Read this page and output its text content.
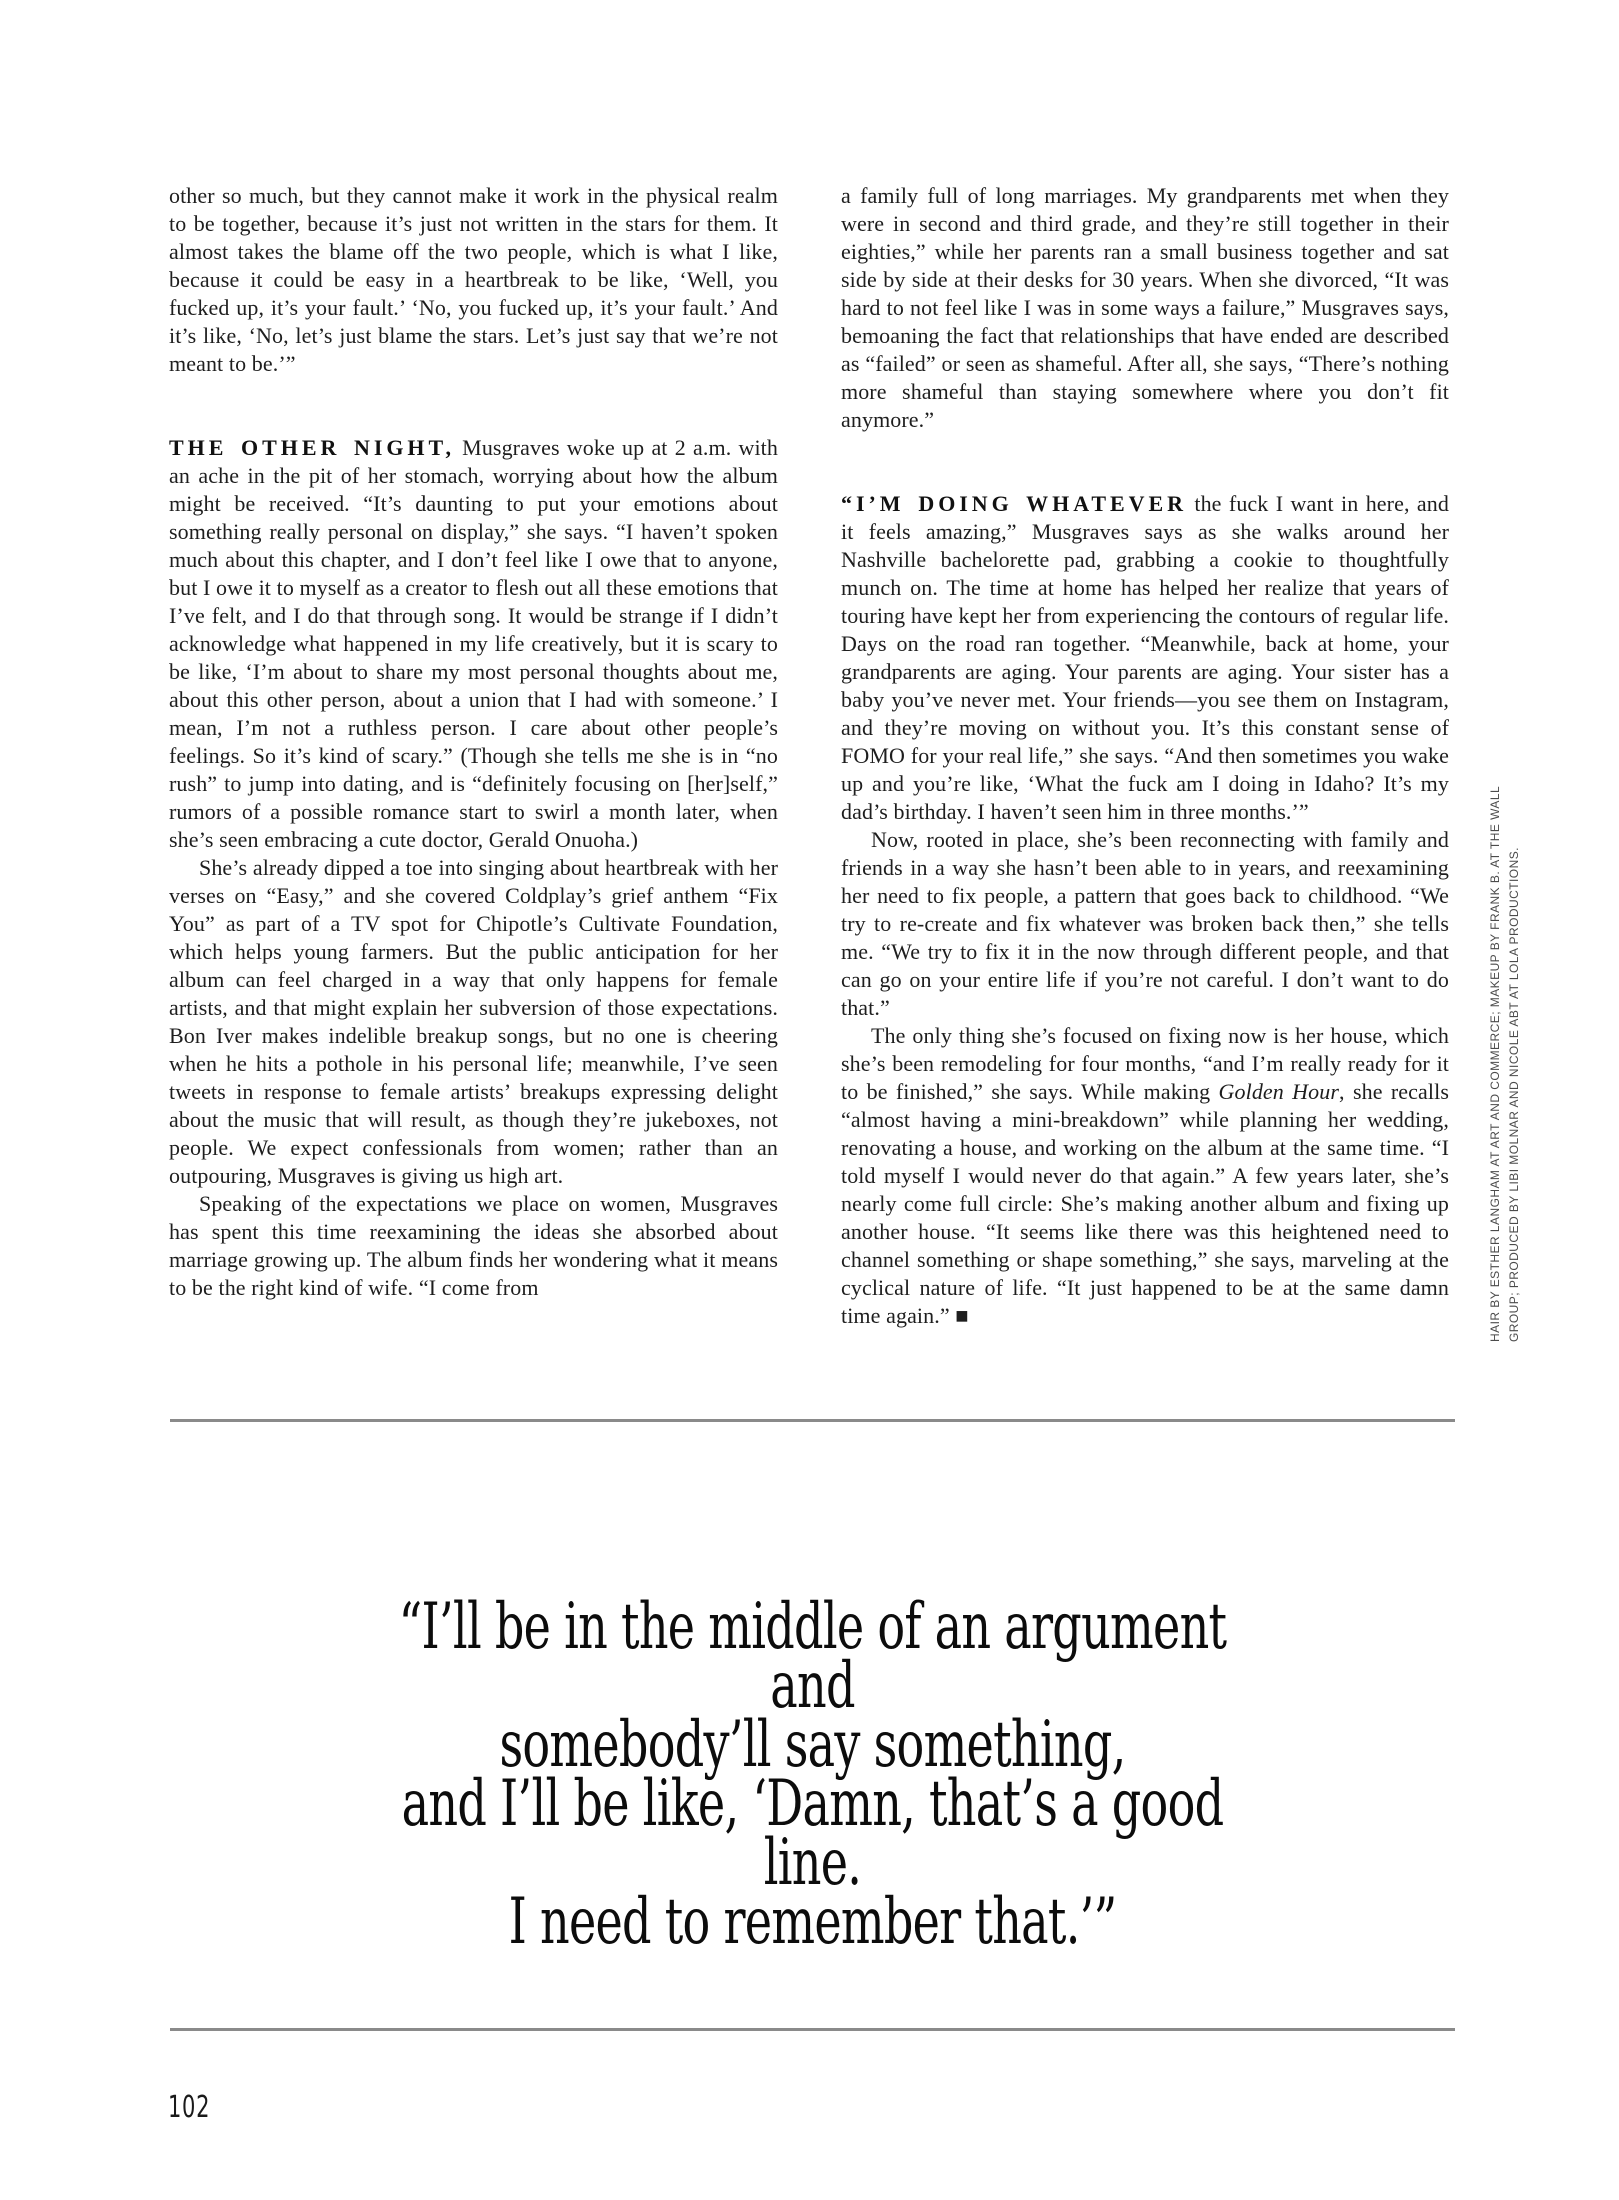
other so much, but they cannot make it work in the physical realm to be together, because it’s just not written in the stars for them. It almost takes the blame off the two people, which is what I like, because it could be easy in a heartbreak to be like, ‘Well, you fucked up, it’s your fault.’ ‘No, you fucked up, it’s your fault.’ And it’s like, ‘No, let’s just blame the stars. Let’s just say that we’re not meant to be.’”

THE OTHER NIGHT, Musgraves woke up at 2 a.m. with an ache in the pit of her stomach, worrying about how the album might be received. “It’s daunting to put your emotions about something really personal on display,” she says. “I haven’t spoken much about this chapter, and I don’t feel like I owe that to anyone, but I owe it to myself as a creator to flesh out all these emotions that I’ve felt, and I do that through song. It would be strange if I didn’t acknowledge what happened in my life creatively, but it is scary to be like, ‘I’m about to share my most personal thoughts about me, about this other person, about a union that I had with someone.’ I mean, I’m not a ruthless person. I care about other people’s feelings. So it’s kind of scary.” (Though she tells me she is in “no rush” to jump into dating, and is “definitely focusing on [her]self,” rumors of a possible romance start to swirl a month later, when she’s seen embracing a cute doctor, Gerald Onuoha.)

She’s already dipped a toe into singing about heartbreak with her verses on “Easy,” and she covered Coldplay’s grief anthem “Fix You” as part of a TV spot for Chipotle’s Cultivate Foundation, which helps young farmers. But the public anticipation for her album can feel charged in a way that only happens for female artists, and that might explain her subversion of those expectations. Bon Iver makes indelible breakup songs, but no one is cheering when he hits a pothole in his personal life; meanwhile, I’ve seen tweets in response to female artists’ breakups expressing delight about the music that will result, as though they’re jukeboxes, not people. We expect confessionals from women; rather than an outpouring, Musgraves is giving us high art.

Speaking of the expectations we place on women, Musgraves has spent this time reexamining the ideas she absorbed about marriage growing up. The album finds her wondering what it means to be the right kind of wife. “I come from

a family full of long marriages. My grandparents met when they were in second and third grade, and they’re still together in their eighties,” while her parents ran a small business together and sat side by side at their desks for 30 years. When she divorced, “It was hard to not feel like I was in some ways a failure,” Musgraves says, bemoaning the fact that relationships that have ended are described as “failed” or seen as shameful. After all, she says, “There’s nothing more shameful than staying somewhere where you don’t fit anymore.”

“I’M DOING WHATEVER the fuck I want in here, and it feels amazing,” Musgraves says as she walks around her Nashville bachelorette pad, grabbing a cookie to thoughtfully munch on. The time at home has helped her realize that years of touring have kept her from experiencing the contours of regular life. Days on the road ran together. “Meanwhile, back at home, your grandparents are aging. Your parents are aging. Your sister has a baby you’ve never met. Your friends—you see them on Instagram, and they’re moving on without you. It’s this constant sense of FOMO for your real life,” she says. “And then sometimes you wake up and you’re like, ‘What the fuck am I doing in Idaho? It’s my dad’s birthday. I haven’t seen him in three months.’”

Now, rooted in place, she’s been reconnecting with family and friends in a way she hasn’t been able to in years, and reexamining her need to fix people, a pattern that goes back to childhood. “We try to re-create and fix whatever was broken back then,” she tells me. “We try to fix it in the now through different people, and that can go on your entire life if you’re not careful. I don’t want to do that.”

The only thing she’s focused on fixing now is her house, which she’s been remodeling for four months, “and I’m really ready for it to be finished,” she says. While making Golden Hour, she recalls “almost having a mini-breakdown” while planning her wedding, renovating a house, and working on the album at the same time. “I told myself I would never do that again.” A few years later, she’s nearly come full circle: She’s making another album and fixing up another house. “It seems like there was this heightened need to channel something or shape something,” she says, marveling at the cyclical nature of life. “It just happened to be at the same damn time again.” ■	HAIR BY ESTHER LANGHAM AT ART AND COMMERCE; MAKEUP BY FRANK B. AT THE WALL GROUP; PRODUCED BY LIBI MOLNAR AND NICOLE ABT AT LOLA PRODUCTIONS.
“I’ll be in the middle of an argument and
somebody’ll say something,
and I’ll be like, ‘Damn, that’s a good line.
I need to remember that.’”
102
